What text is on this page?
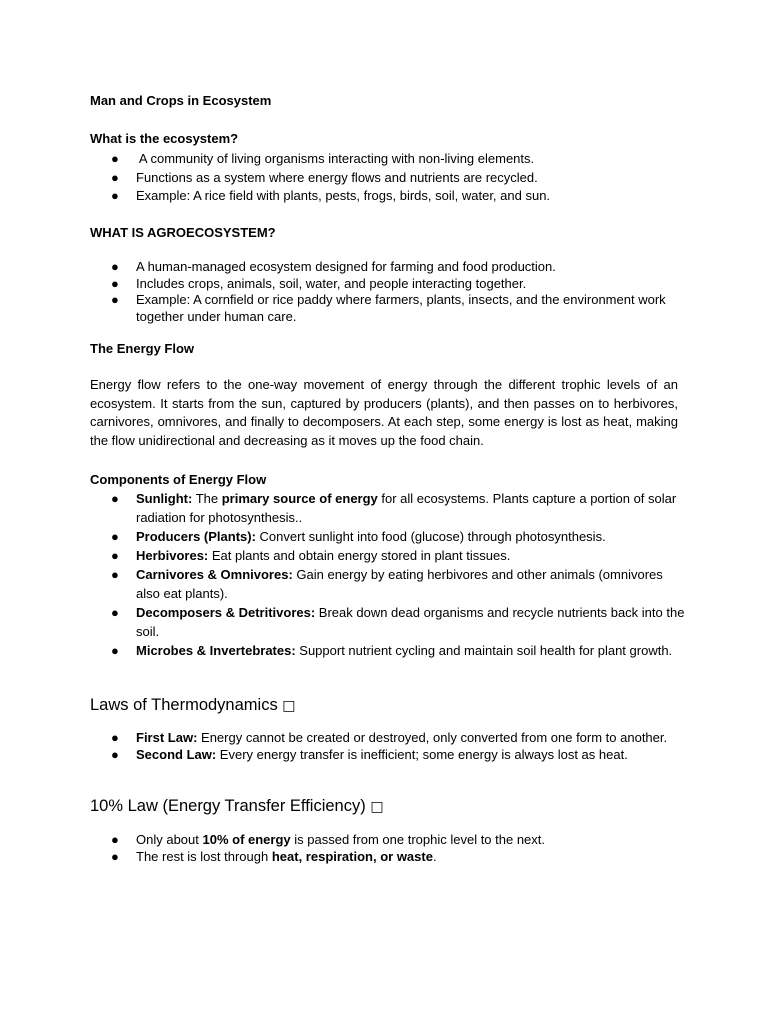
Man and Crops in Ecosystem

What is the ecosystem?

● A community of living organisms interacting with non-living elements.
● Functions as a system where energy flows and nutrients are recycled.
● Example: A rice field with plants, pests, frogs, birds, soil, water, and sun.

WHAT IS AGROECOSYSTEM?

● A human-managed ecosystem designed for farming and food production.
● Includes crops, animals, soil, water, and people interacting together.
● Example: A cornfield or rice paddy where farmers, plants, insects, and the environment work together under human care.

The Energy Flow

Energy flow refers to the one-way movement of energy through the different trophic levels of an ecosystem. It starts from the sun, captured by producers (plants), and then passes on to herbivores, carnivores, omnivores, and finally to decomposers. At each step, some energy is lost as heat, making the flow unidirectional and decreasing as it moves up the food chain.

Components of Energy Flow

● Sunlight: The primary source of energy for all ecosystems. Plants capture a portion of solar radiation for photosynthesis..
● Producers (Plants): Convert sunlight into food (glucose) through photosynthesis.
● Herbivores: Eat plants and obtain energy stored in plant tissues.
● Carnivores & Omnivores: Gain energy by eating herbivores and other animals (omnivores also eat plants).
● Decomposers & Detritivores: Break down dead organisms and recycle nutrients back into the soil.
● Microbes & Invertebrates: Support nutrient cycling and maintain soil health for plant growth.

Laws of Thermodynamics □

● First Law: Energy cannot be created or destroyed, only converted from one form to another.
● Second Law: Every energy transfer is inefficient; some energy is always lost as heat.

10% Law (Energy Transfer Efficiency) □

● Only about 10% of energy is passed from one trophic level to the next.
● The rest is lost through heat, respiration, or waste.
